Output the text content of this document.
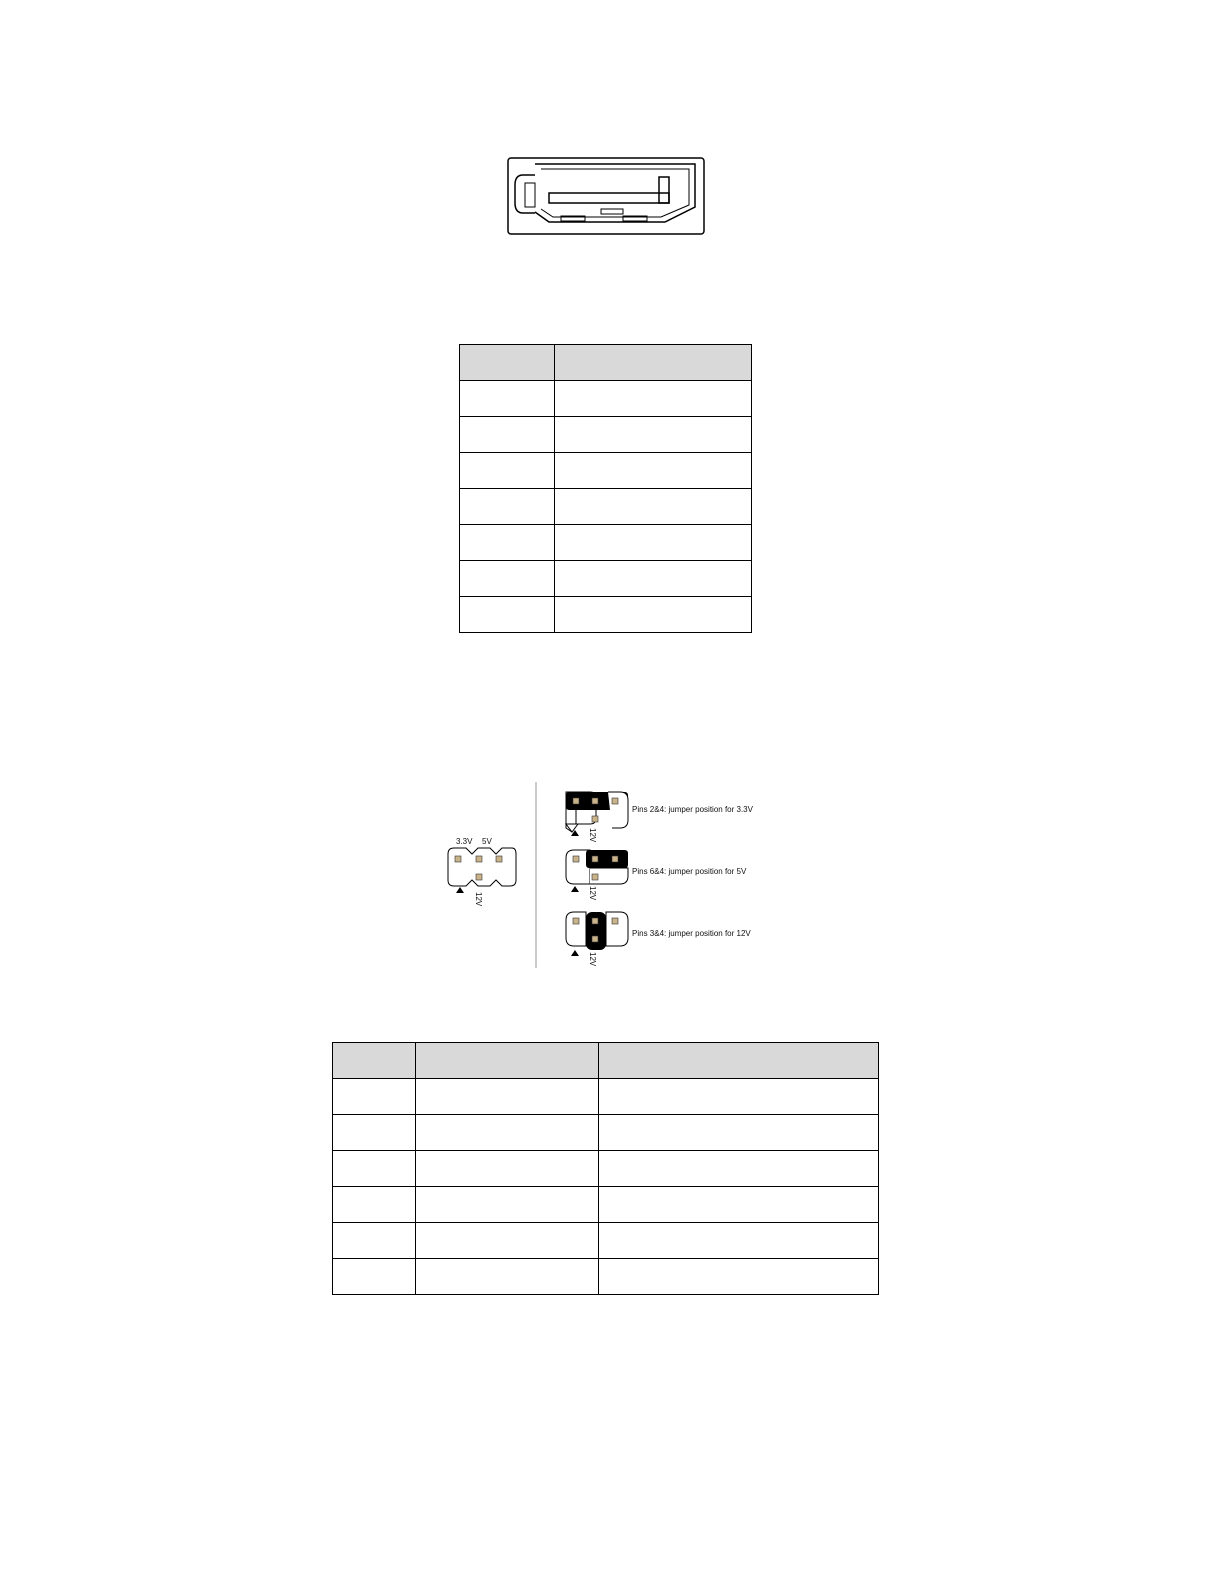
3.3V 5V
12V
12V
Pins 2&4: jumper position for 3.3V
12V
Pins 6&4: jumper position for 5V
12V
Pins 3&4: jumper position for 12V
